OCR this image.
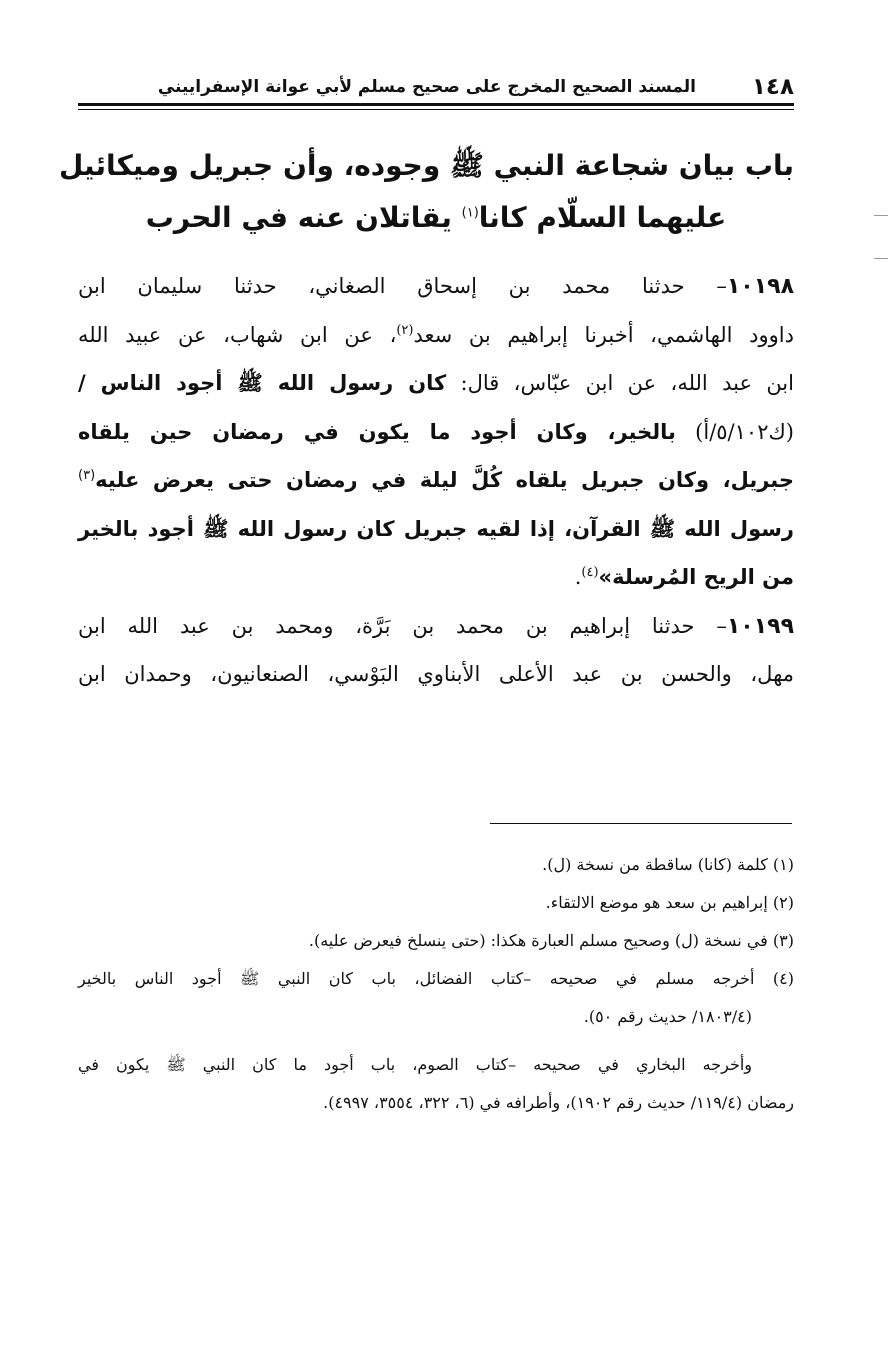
١٤٨
المسند الصحيح المخرج على صحيح مسلم لأبي عوانة الإسفراييني
باب بيان شجاعة النبي ﷺ وجوده، وأن جبريل وميكائيل
عليهما السلّام كانا$^{(١)}$ يقاتلان عنه في الحرب
١٠١٩٨– حدثنا محمد بن إسحاق الصغاني، حدثنا سليمان ابن
داوود الهاشمي، أخبرنا إبراهيم بن سعد$^{(٢)}$، عن ابن شهاب، عن عبيد الله
ابن عبد الله، عن ابن عبّاس، قال: كان رسول الله ﷺ أجود الناس /
(ك٥/١٠٢/أ) بالخير، وكان أجود ما يكون في رمضان حين يلقاه
جبريل، وكان جبريل يلقاه كُلَّ ليلة في رمضان حتى يعرض عليه$^{(٣)}$
رسول الله ﷺ القرآن، إذا لقيه جبريل كان رسول الله ﷺ أجود بالخير
من الريح المُرسلة»$^{(٤)}$.
١٠١٩٩– حدثنا إبراهيم بن محمد بن بَرَّة، ومحمد بن عبد الله ابن
مهل، والحسن بن عبد الأعلى الأبناوي البَوْسي، الصنعانيون، وحمدان ابن
(١) كلمة (كانا) ساقطة من نسخة (ل).
(٢) إبراهيم بن سعد هو موضع الالتقاء.
(٣) في نسخة (ل) وصحيح مسلم العبارة هكذا: (حتى ينسلخ فيعرض عليه).
(٤) أخرجه مسلم في صحيحه –كتاب الفضائل، باب كان النبي ﷺ أجود الناس بالخير
(١٨٠٣/٤/ حديث رقم ٥٠).
وأخرجه البخاري في صحيحه –كتاب الصوم، باب أجود ما كان النبي ﷺ يكون في
رمضان (١١٩/٤/ حديث رقم ١٩٠٢)، وأطرافه في (٦، ٣٢٢، ٣٥٥٤، ٤٩٩٧).
